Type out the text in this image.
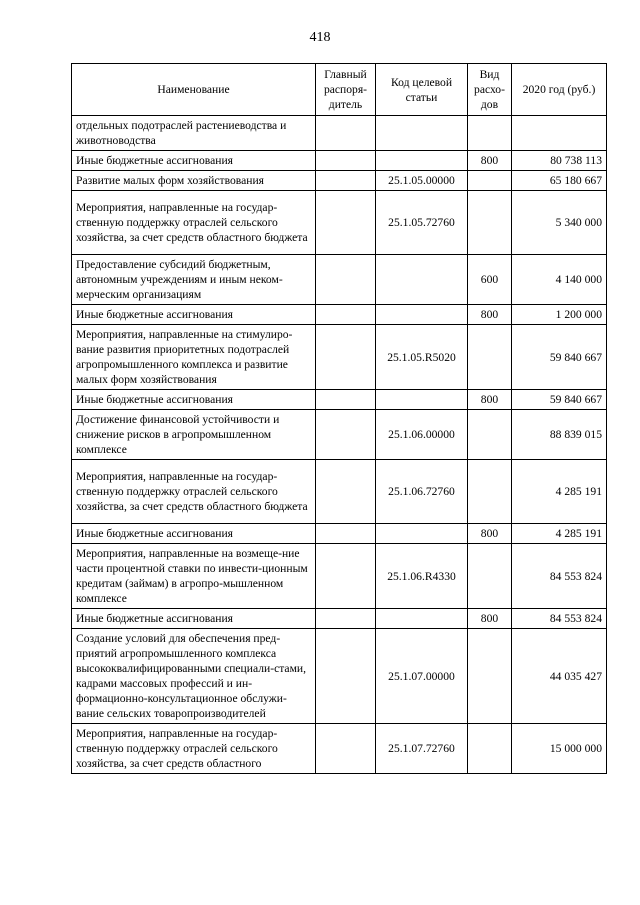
418
Наименование	Главный распоря-дитель	Код целевой статьи	Вид расхо-дов	2020 год (руб.)
отдельных подотраслей растениеводства и животноводства				
Иные бюджетные ассигнования			800	80 738 113
Развитие малых форм хозяйствования		25.1.05.00000		65 180 667
Мероприятия, направленные на государ-ственную поддержку отраслей сельского хозяйства, за счет средств областного бюджета		25.1.05.72760		5 340 000
Предоставление субсидий бюджетным, автономным учреждениям и иным неком-мерческим организациям			600	4 140 000
Иные бюджетные ассигнования			800	1 200 000
Мероприятия, направленные на стимулиро-вание развития приоритетных подотраслей агропромышленного комплекса и развитие малых форм хозяйствования		25.1.05.R5020		59 840 667
Иные бюджетные ассигнования			800	59 840 667
Достижение финансовой устойчивости и снижение рисков в агропромышленном комплексе		25.1.06.00000		88 839 015
Мероприятия, направленные на государ-ственную поддержку отраслей сельского хозяйства, за счет средств областного бюджета		25.1.06.72760		4 285 191
Иные бюджетные ассигнования			800	4 285 191
Мероприятия, направленные на возмеще-ние части процентной ставки по инвести-ционным кредитам (займам) в агропро-мышленном комплексе		25.1.06.R4330		84 553 824
Иные бюджетные ассигнования			800	84 553 824
Создание условий для обеспечения пред-приятий агропромышленного комплекса высококвалифицированными специали-стами, кадрами массовых профессий и ин-формационно-консультационное обслужи-вание сельских товаропроизводителей		25.1.07.00000		44 035 427
Мероприятия, направленные на государ-ственную поддержку отраслей сельского хозяйства, за счет средств областного		25.1.07.72760		15 000 000
